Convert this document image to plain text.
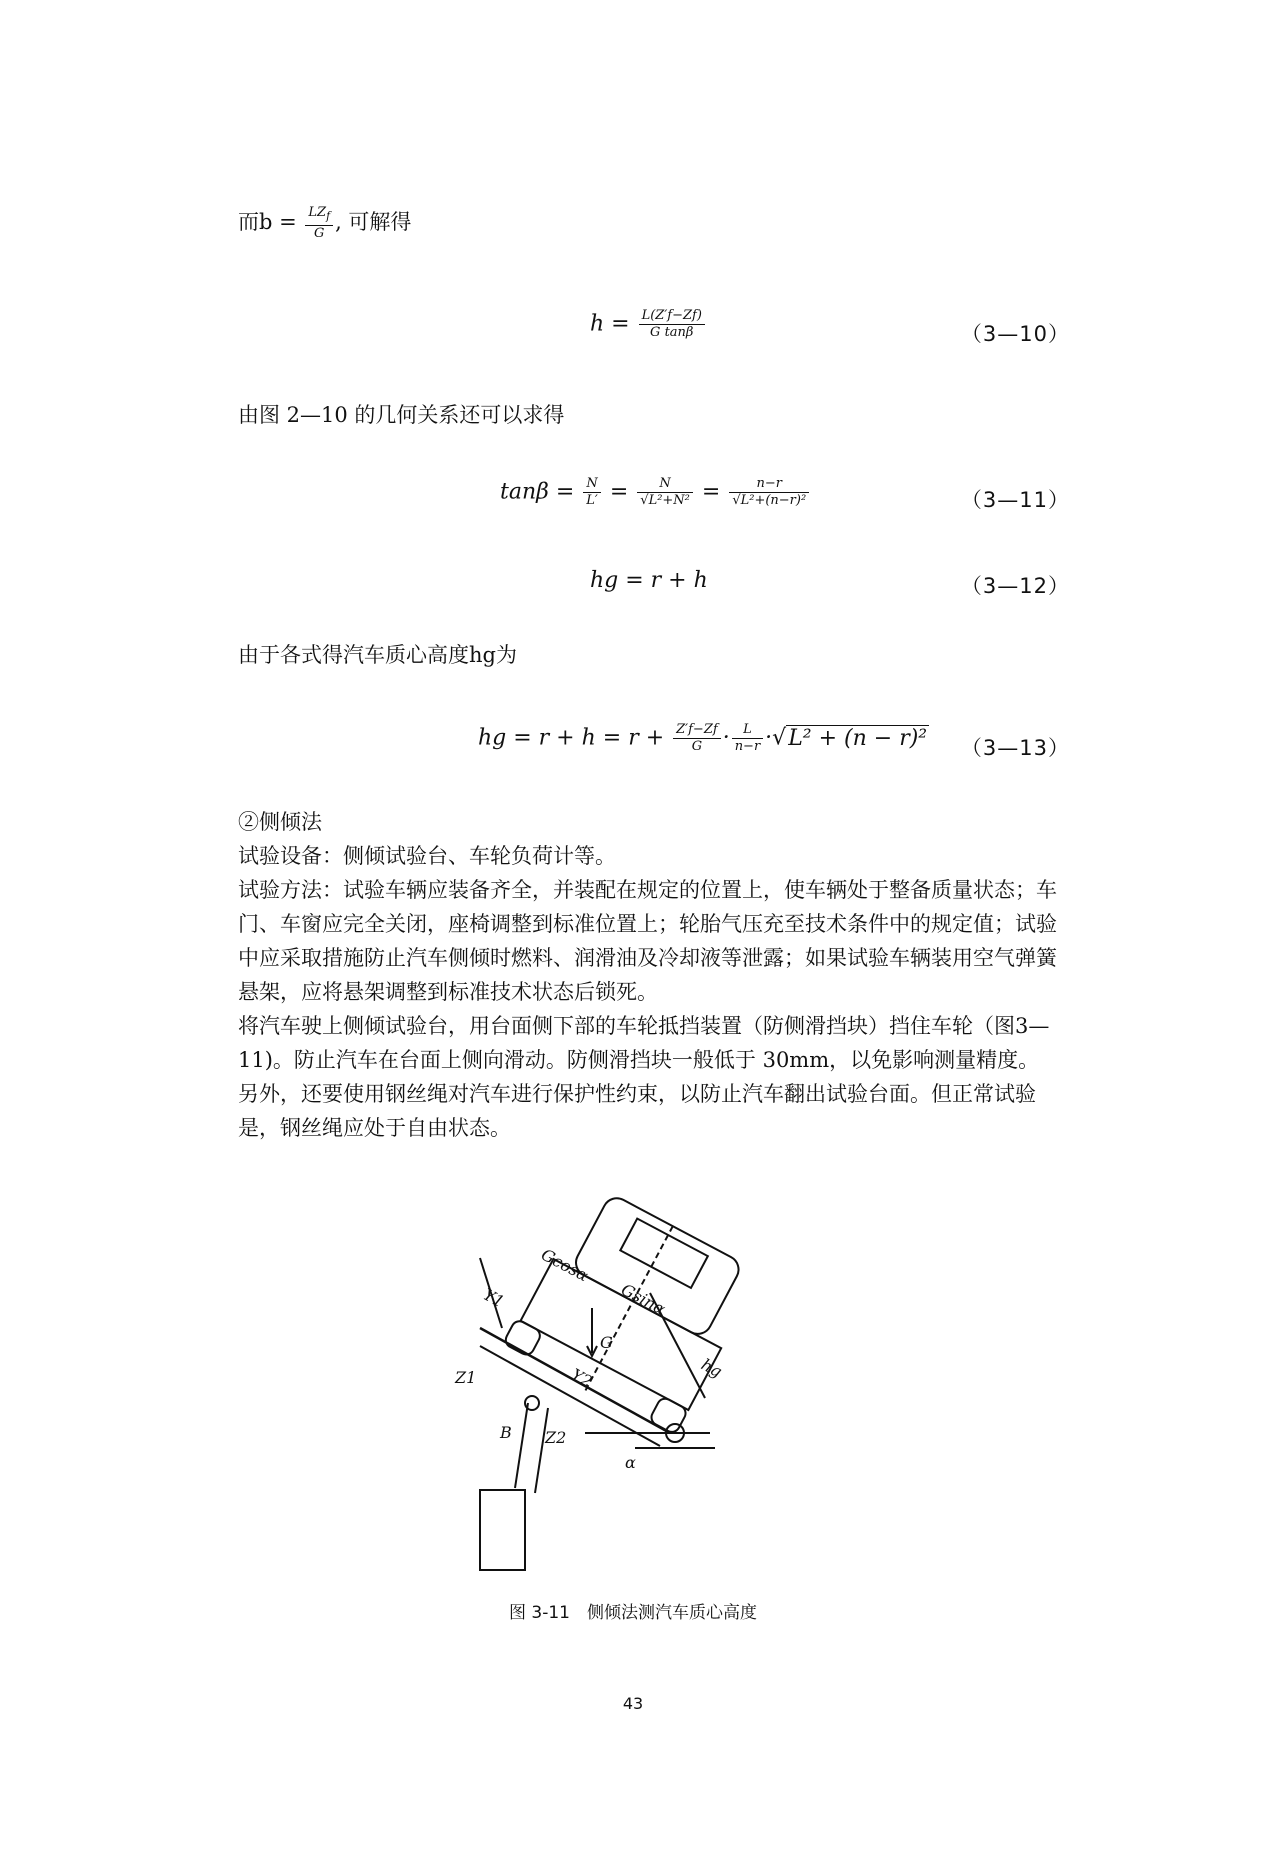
而$b = \frac{LZ_f}{G}$ , 可解得
$h = \frac{L(Z'f-Zf)}{\text{G tanβ}}$	（3—10）
由图 2—10 的几何关系还可以求得
$\tan\beta = \frac{N}{L'} = \frac{N}{\text{√L²+N²}} = \frac{n-r}{\text{√L²+(n−r)²}}$	（3—11）
hg = r + h	（3—12）
由于各式得汽车质心高度hg为
hg = $r + h = r + \frac{Z'f-Zf}{G} \cdot \frac{L}{n-r} \cdot√L^2 + (n - r)^2$ （3—13）

②侧倾法

试验设备：侧倾试验台、车轮负荷计等。

试验方法：试验车辆应装备齐全，并装配在规定的位置上，使车辆处于整备质量状态；车门、车窗应完全关闭，座椅调整到标准位置上；轮胎气压充至技术条件中的规定值；试验中应采取措施防止汽车侧倾时燃料、润滑油及冷却液等泄露；如果试验车辆装用空气弹簧悬架，应将悬架调整到标准技术状态后锁死。

将汽车驶上侧倾试验台，用台面侧下部的车轮抵挡装置（防侧滑挡块）挡住车轮（图3—11)。防止汽车在台面上侧向滑动。防侧滑挡块一般低于 30mm，以免影响测量精度。另外，还要使用钢丝绳对汽车进行保护性约束，以防止汽车翻出试验台面。但正常试验是，钢丝绳应处于自由状态。

Gcosα
Gsinα
G
Y1
Y2
Z1
Z2
B
hg
α
图 3-11　侧倾法测汽车质心高度
43
